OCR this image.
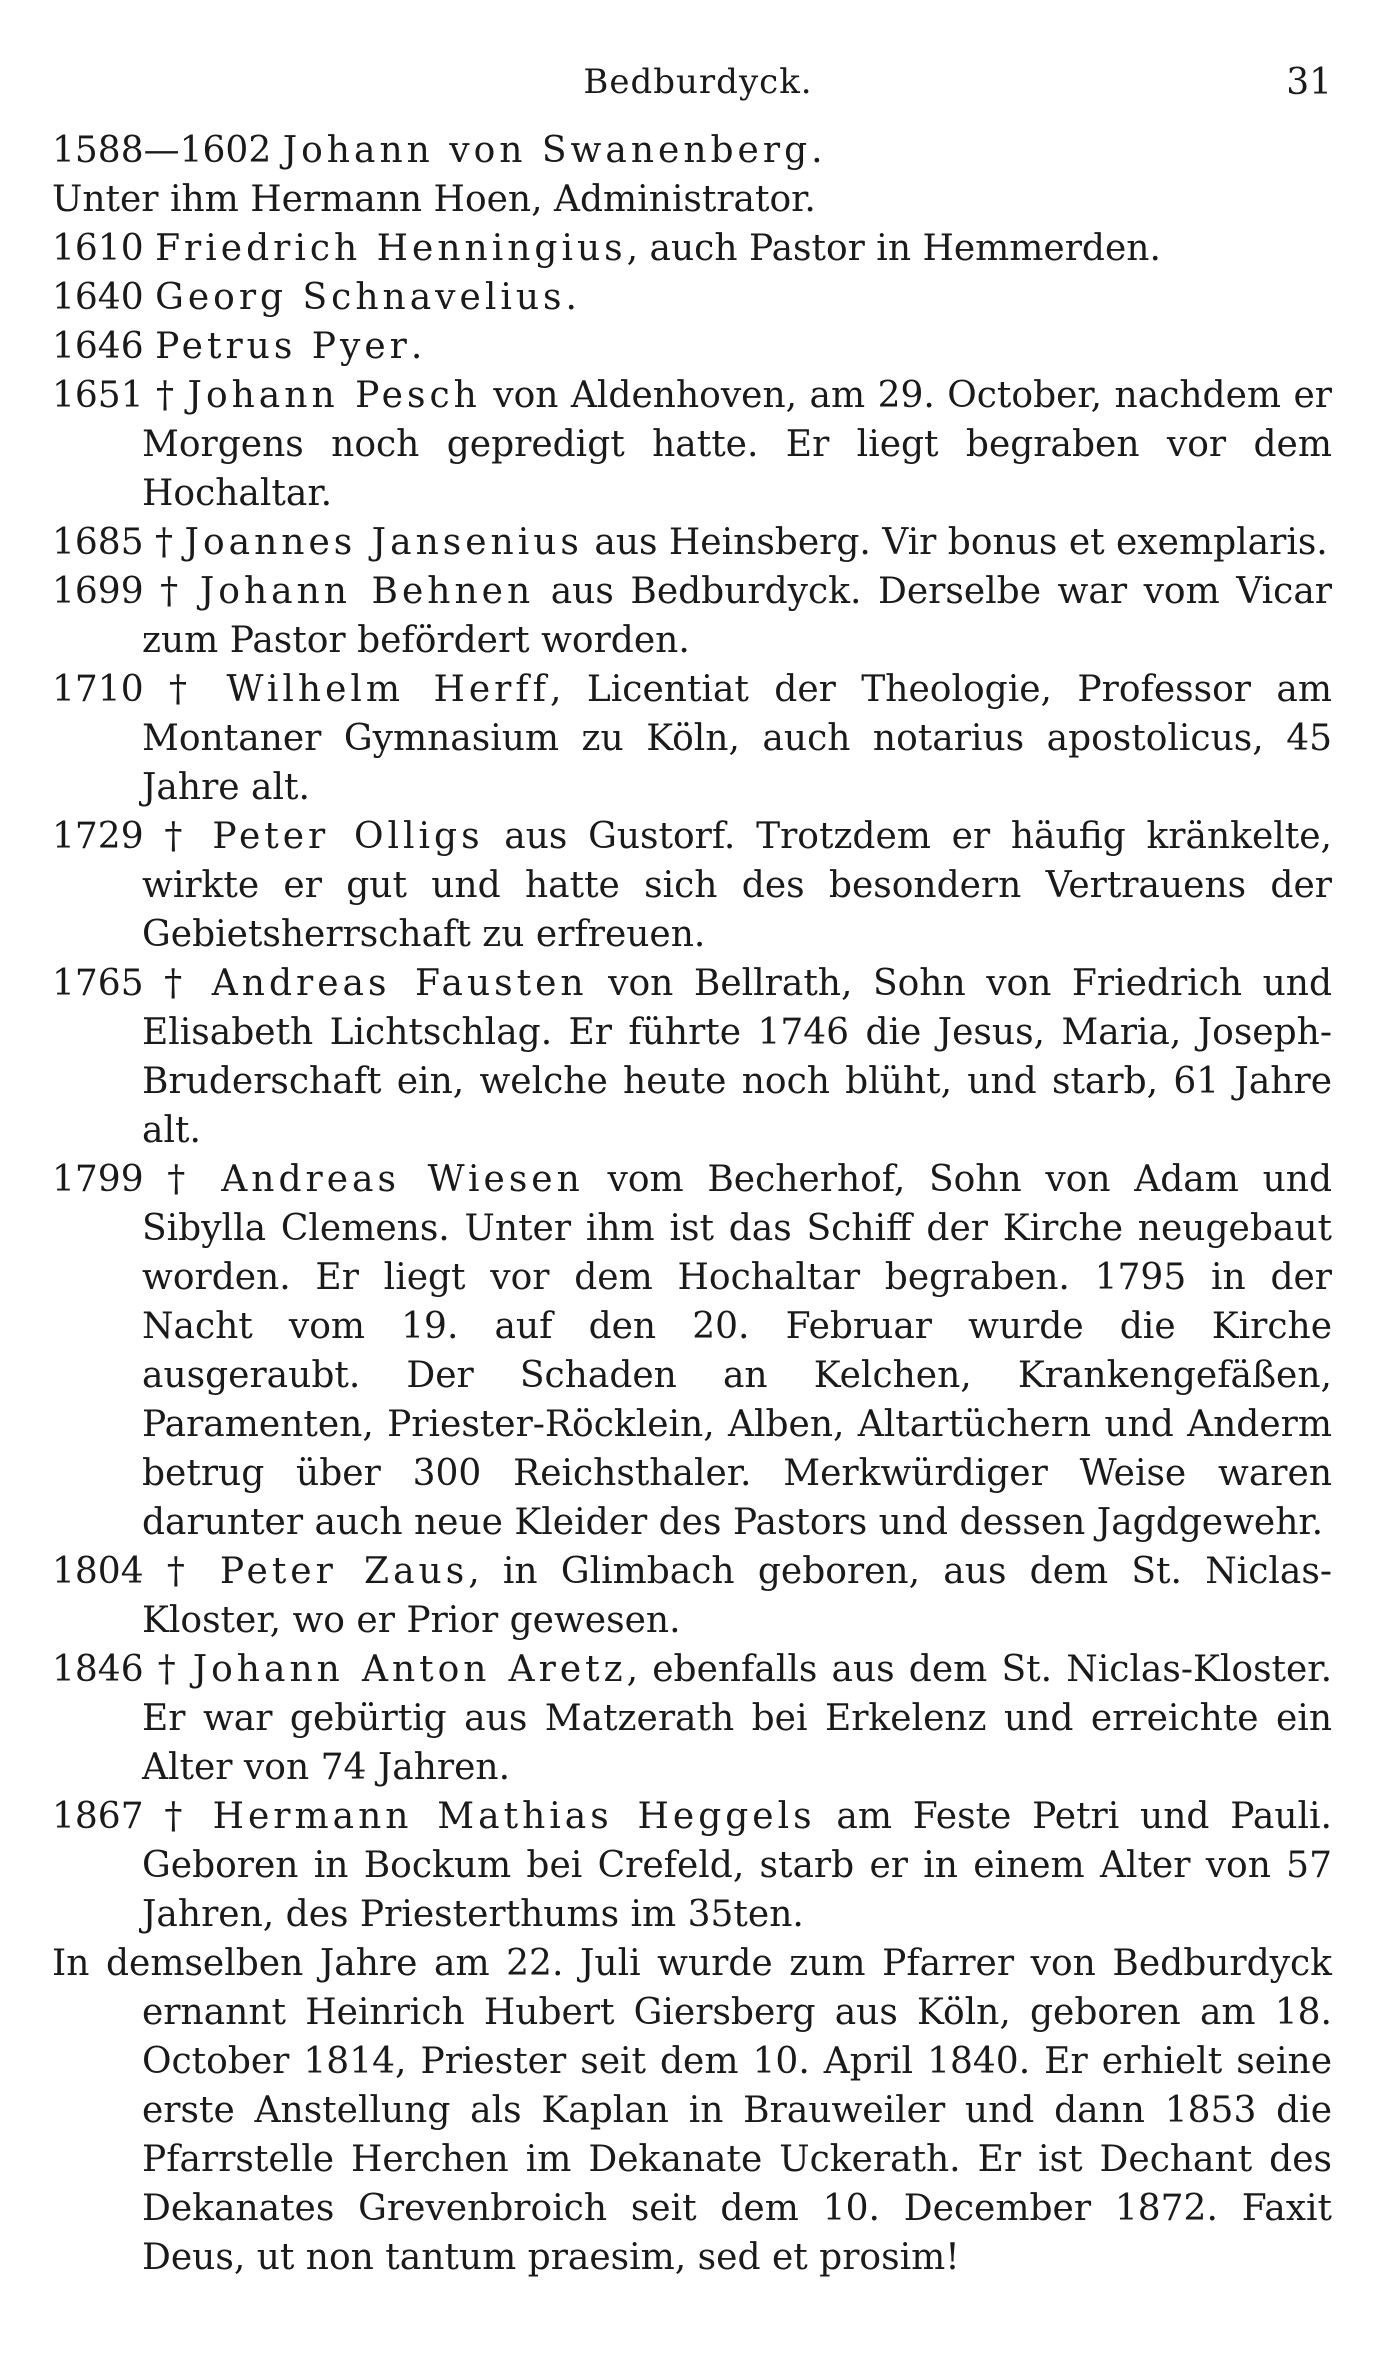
Bedburdyck.	31

1588—1602 Johann von Swanenberg.

Unter ihm Hermann Hoen, Administrator.

1610 Friedrich Henningius, auch Pastor in Hemmerden.

1640 Georg Schnavelius.

1646 Petrus Pyer.

1651 † Johann Pesch von Aldenhoven, am 29. October, nachdem er Morgens noch gepredigt hatte. Er liegt begraben vor dem Hochaltar.

1685 † Joannes Jansenius aus Heinsberg. Vir bonus et exemplaris.

1699 † Johann Behnen aus Bedburdyck. Derselbe war vom Vicar zum Pastor befördert worden.

1710 † Wilhelm Herff, Licentiat der Theologie, Professor am Montaner Gymnasium zu Köln, auch notarius apostolicus, 45 Jahre alt.

1729 † Peter Olligs aus Gustorf. Trotzdem er häufig kränkelte, wirkte er gut und hatte sich des besondern Vertrauens der Gebietsherrschaft zu erfreuen.

1765 † Andreas Fausten von Bellrath, Sohn von Friedrich und Elisabeth Lichtschlag. Er führte 1746 die Jesus, Maria, Joseph-Bruderschaft ein, welche heute noch blüht, und starb, 61 Jahre alt.

1799 † Andreas Wiesen vom Becherhof, Sohn von Adam und Sibylla Clemens. Unter ihm ist das Schiff der Kirche neugebaut worden. Er liegt vor dem Hochaltar begraben. 1795 in der Nacht vom 19. auf den 20. Februar wurde die Kirche ausgeraubt. Der Schaden an Kelchen, Krankengefäßen, Paramenten, Priester-Röcklein, Alben, Altartüchern und Anderm betrug über 300 Reichsthaler. Merkwürdiger Weise waren darunter auch neue Kleider des Pastors und dessen Jagdgewehr.

1804 † Peter Zaus, in Glimbach geboren, aus dem St. Niclas-Kloster, wo er Prior gewesen.

1846 † Johann Anton Aretz, ebenfalls aus dem St. Niclas-Kloster. Er war gebürtig aus Matzerath bei Erkelenz und erreichte ein Alter von 74 Jahren.

1867 † Hermann Mathias Heggels am Feste Petri und Pauli. Geboren in Bockum bei Crefeld, starb er in einem Alter von 57 Jahren, des Priesterthums im 35ten.

In demselben Jahre am 22. Juli wurde zum Pfarrer von Bedburdyck ernannt Heinrich Hubert Giersberg aus Köln, geboren am 18. October 1814, Priester seit dem 10. April 1840. Er erhielt seine erste Anstellung als Kaplan in Brauweiler und dann 1853 die Pfarrstelle Herchen im Dekanate Uckerath. Er ist Dechant des Dekanates Grevenbroich seit dem 10. December 1872. Faxit Deus, ut non tantum praesim, sed et prosim!
